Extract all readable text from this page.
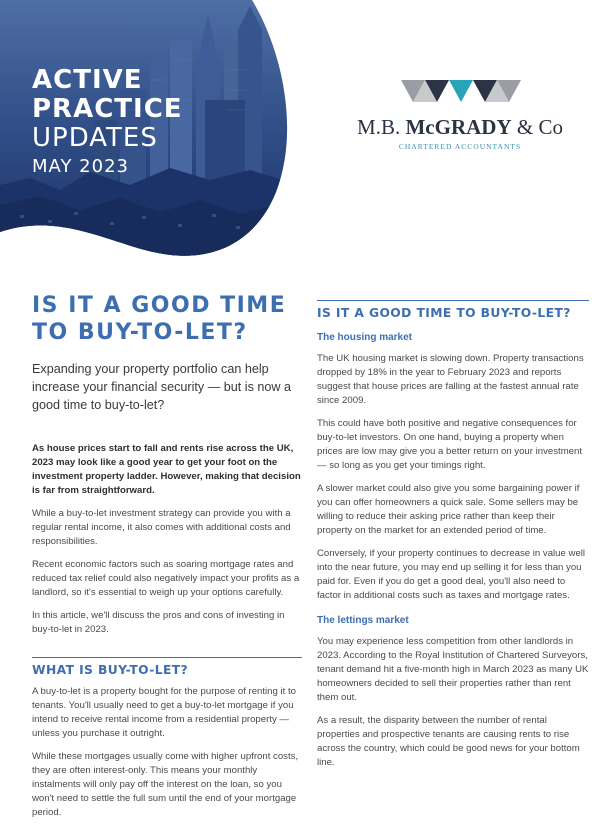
ACTIVE
PRACTICE
UPDATES
MAY 2023
M.B. McGRADY & Co
CHARTERED ACCOUNTANTS
IS IT A GOOD TIME
TO BUY-TO-LET?

Expanding your property portfolio can help increase your financial security — but is now a good time to buy-to-let?

As house prices start to fall and rents rise across the UK, 2023 may look like a good year to get your foot on the investment property ladder. However, making that decision is far from straightforward.

While a buy-to-let investment strategy can provide you with a regular rental income, it also comes with additional costs and responsibilities.

Recent economic factors such as soaring mortgage rates and reduced tax relief could also negatively impact your profits as a landlord, so it's essential to weigh up your options carefully.

In this article, we'll discuss the pros and cons of investing in buy-to-let in 2023.

WHAT IS BUY-TO-LET?

A buy-to-let is a property bought for the purpose of renting it to tenants. You'll usually need to get a buy-to-let mortgage if you intend to receive rental income from a residential property — unless you purchase it outright.

While these mortgages usually come with higher upfront costs, they are often interest-only. This means your monthly instalments will only pay off the interest on the loan, so you won't need to settle the full sum until the end of your mortgage period.

IS IT A GOOD TIME TO BUY-TO-LET?
The housing market

The UK housing market is slowing down. Property transactions dropped by 18% in the year to February 2023 and reports suggest that house prices are falling at the fastest annual rate since 2009.

This could have both positive and negative consequences for buy-to-let investors. On one hand, buying a property when prices are low may give you a better return on your investment — so long as you get your timings right.

A slower market could also give you some bargaining power if you can offer homeowners a quick sale. Some sellers may be willing to reduce their asking price rather than keep their property on the market for an extended period of time.

Conversely, if your property continues to decrease in value well into the near future, you may end up selling it for less than you paid for. Even if you do get a good deal, you'll also need to factor in additional costs such as taxes and mortgage rates.

The lettings market

You may experience less competition from other landlords in 2023. According to the Royal Institution of Chartered Surveyors, tenant demand hit a five-month high in March 2023 as many UK homeowners decided to sell their properties rather than rent them out.

As a result, the disparity between the number of rental properties and prospective tenants are causing rents to rise across the country, which could be good news for your bottom line.
